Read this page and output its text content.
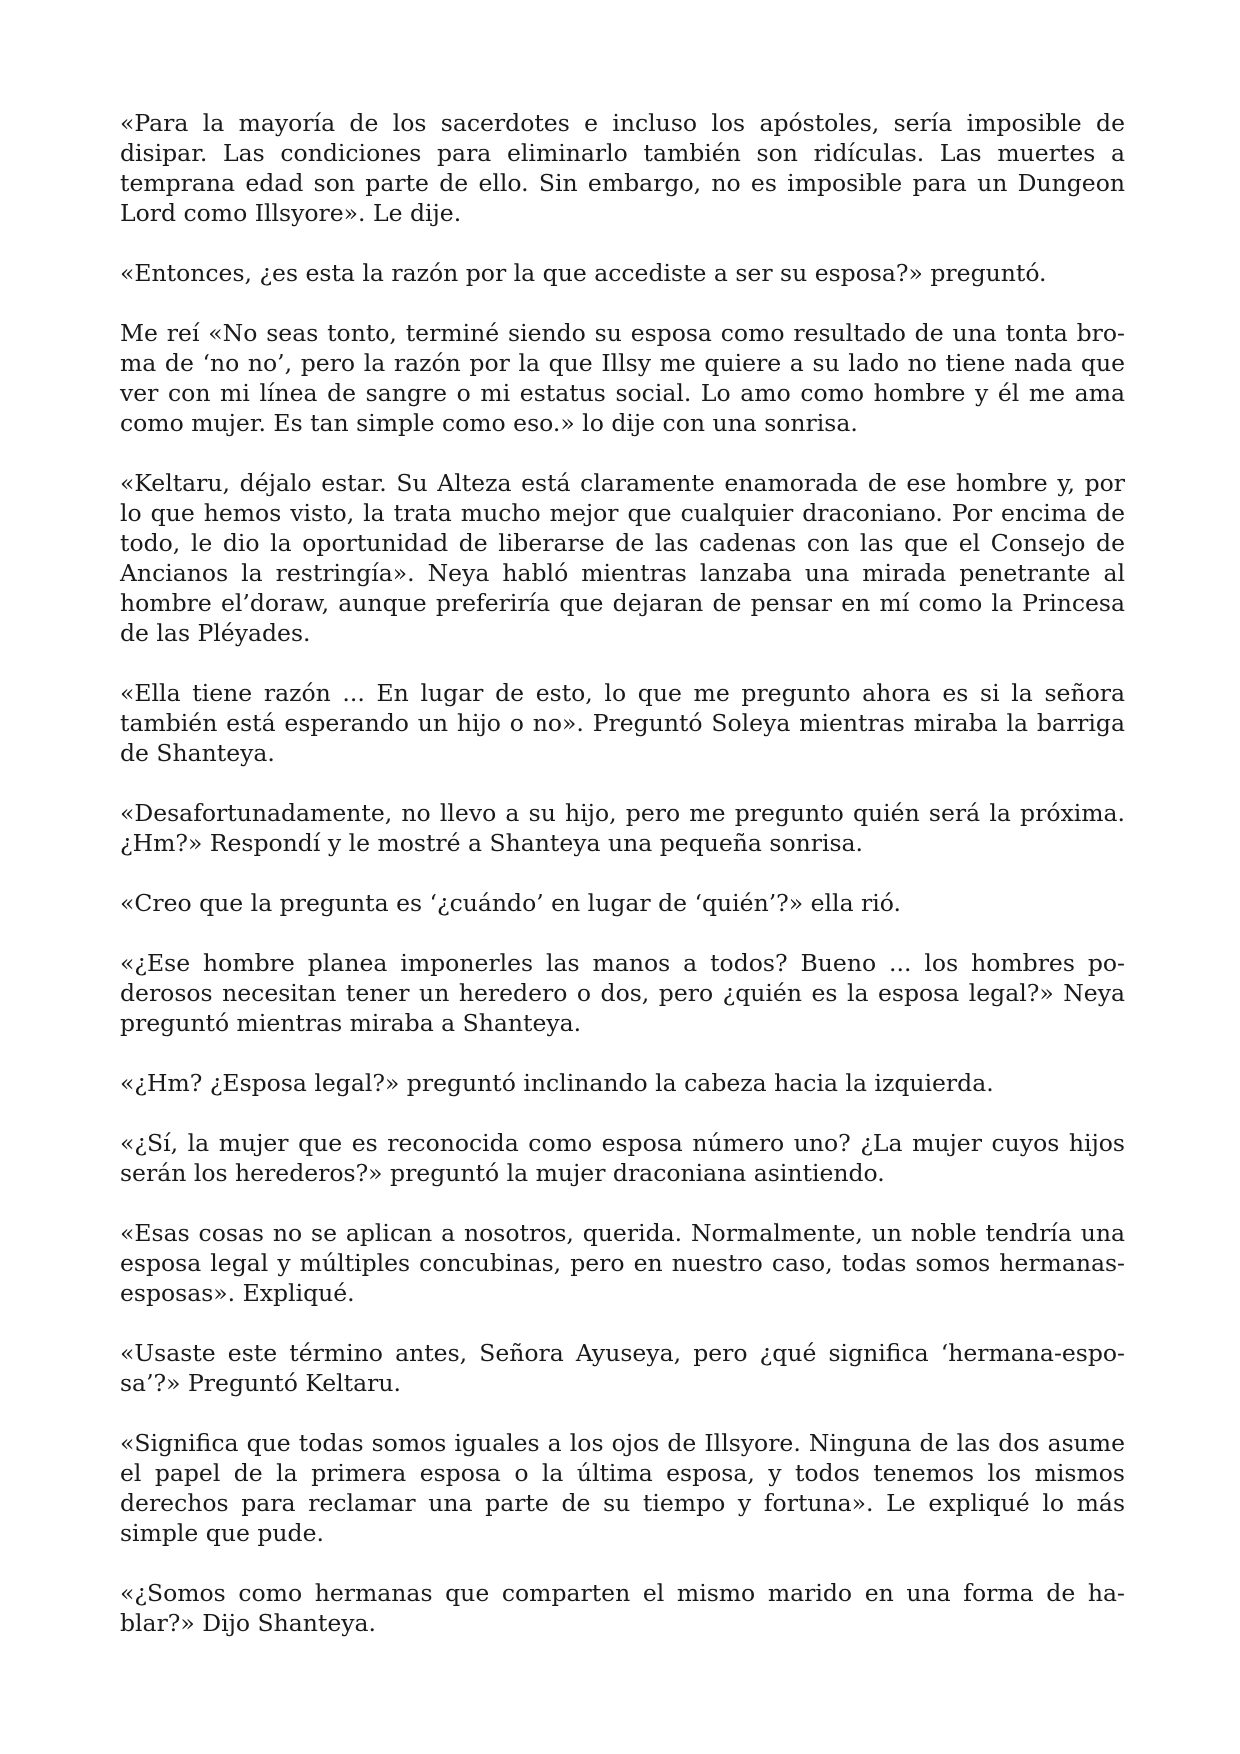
«Para la mayoría de los sacerdotes e incluso los apóstoles, sería imposible de disipar. Las condiciones para eliminarlo también son ridículas. Las muertes a temprana edad son parte de ello. Sin embargo, no es imposible para un Dungeon Lord como Illsyore». Le dije.

«Entonces, ¿es esta la razón por la que accediste a ser su esposa?» preguntó.

Me reí «No seas tonto, terminé siendo su esposa como resultado de una tonta broma de ‘no no’, pero la razón por la que Illsy me quiere a su lado no tiene nada que ver con mi línea de sangre o mi estatus social. Lo amo como hombre y él me ama como mujer. Es tan simple como eso.» lo dije con una sonrisa.

«Keltaru, déjalo estar. Su Alteza está claramente enamorada de ese hombre y, por lo que hemos visto, la trata mucho mejor que cualquier draconiano. Por encima de todo, le dio la oportunidad de liberarse de las cadenas con las que el Consejo de Ancianos la restringía». Neya habló mientras lanzaba una mirada penetrante al hombre el’doraw, aunque preferiría que dejaran de pensar en mí como la Princesa de las Pléyades.

«Ella tiene razón ... En lugar de esto, lo que me pregunto ahora es si la señora también está esperando un hijo o no». Preguntó Soleya mientras miraba la barriga de Shanteya.

«Desafortunadamente, no llevo a su hijo, pero me pregunto quién será la próxima. ¿Hm?» Respondí y le mostré a Shanteya una pequeña sonrisa.

«Creo que la pregunta es ‘¿cuándo’ en lugar de ‘quién’?» ella rió.

«¿Ese hombre planea imponerles las manos a todos? Bueno ... los hombres poderosos necesitan tener un heredero o dos, pero ¿quién es la esposa legal?» Neya preguntó mientras miraba a Shanteya.

«¿Hm? ¿Esposa legal?» preguntó inclinando la cabeza hacia la izquierda.

«¿Sí, la mujer que es reconocida como esposa número uno? ¿La mujer cuyos hijos serán los herederos?» preguntó la mujer draconiana asintiendo.

«Esas cosas no se aplican a nosotros, querida. Normalmente, un noble tendría una esposa legal y múltiples concubinas, pero en nuestro caso, todas somos hermanas-esposas». Expliqué.

«Usaste este término antes, Señora Ayuseya, pero ¿qué significa ‘hermana-esposa’?» Preguntó Keltaru.

«Significa que todas somos iguales a los ojos de Illsyore. Ninguna de las dos asume el papel de la primera esposa o la última esposa, y todos tenemos los mismos derechos para reclamar una parte de su tiempo y fortuna». Le expliqué lo más simple que pude.

«¿Somos como hermanas que comparten el mismo marido en una forma de hablar?» Dijo Shanteya.
